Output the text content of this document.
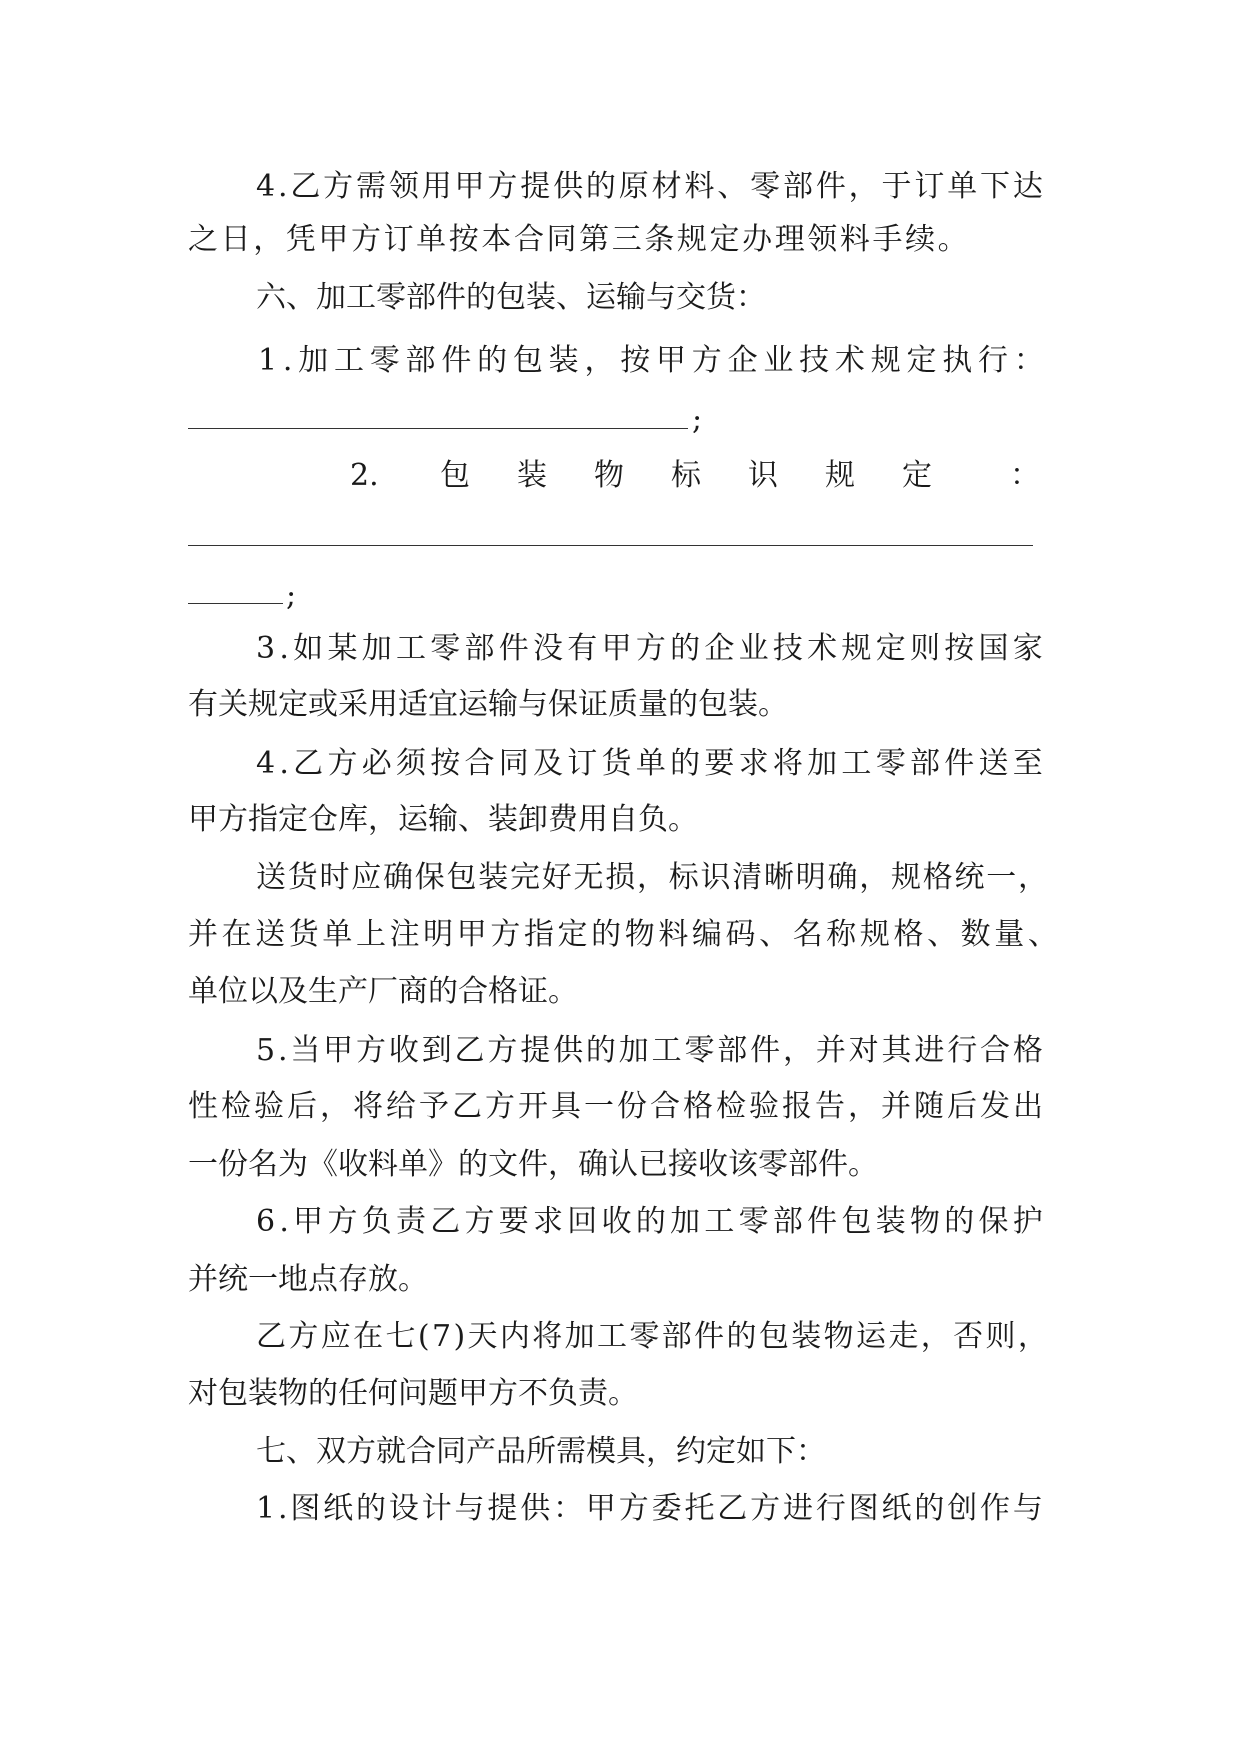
4 . 乙 方 需 领 用 甲 方 提 供 的 原 材 料 、 零 部 件 ， 于 订 单 下 达
之 日 ， 凭 甲 方 订 单 按 本 合 同 第 三 条 规 定 办 理 领 料 手 续 。
六、加工零部件的包装、运输与交货：
1 . 加 工 零 部 件 的 包 装 ， 按 甲 方 企 业 技 术 规 定 执 行 ：
;
2. 包 装 物 标 识 规 定	：
;
3 . 如 某 加 工 零 部 件 没 有 甲 方 的 企 业 技 术 规 定 则 按 国 家
有关规定或采用适宜运输与保证质量的包装。
4 . 乙 方 必 须 按 合 同 及 订 货 单 的 要 求 将 加 工 零 部 件 送 至
甲方指定仓库，运输、装卸费用自负。
送 货 时 应 确 保 包 装 完 好 无 损 ， 标 识 清 晰 明 确 ， 规 格 统 一 ，
并 在 送 货 单 上 注 明 甲 方 指 定 的 物 料 编 码 、 名 称 规 格 、 数 量 、
单位以及生产厂商的合格证。
5 . 当 甲 方 收 到 乙 方 提 供 的 加 工 零 部 件 ， 并 对 其 进 行 合 格
性 检 验 后 ， 将 给 予 乙 方 开 具 一 份 合 格 检 验 报 告 ， 并 随 后 发 出
一份名为《收料单》的文件，确认已接收该零部件。
6 . 甲 方 负 责 乙 方 要 求 回 收 的 加 工 零 部 件 包 装 物 的 保 护
并统一地点存放。
乙 方 应 在 七 ( 7 ) 天 内 将 加 工 零 部 件 的 包 装 物 运 走 ， 否 则 ，
对包装物的任何问题甲方不负责。
七、双方就合同产品所需模具，约定如下：
1 . 图 纸 的 设 计 与 提 供 ： 甲 方 委 托 乙 方 进 行 图 纸 的 创 作 与
